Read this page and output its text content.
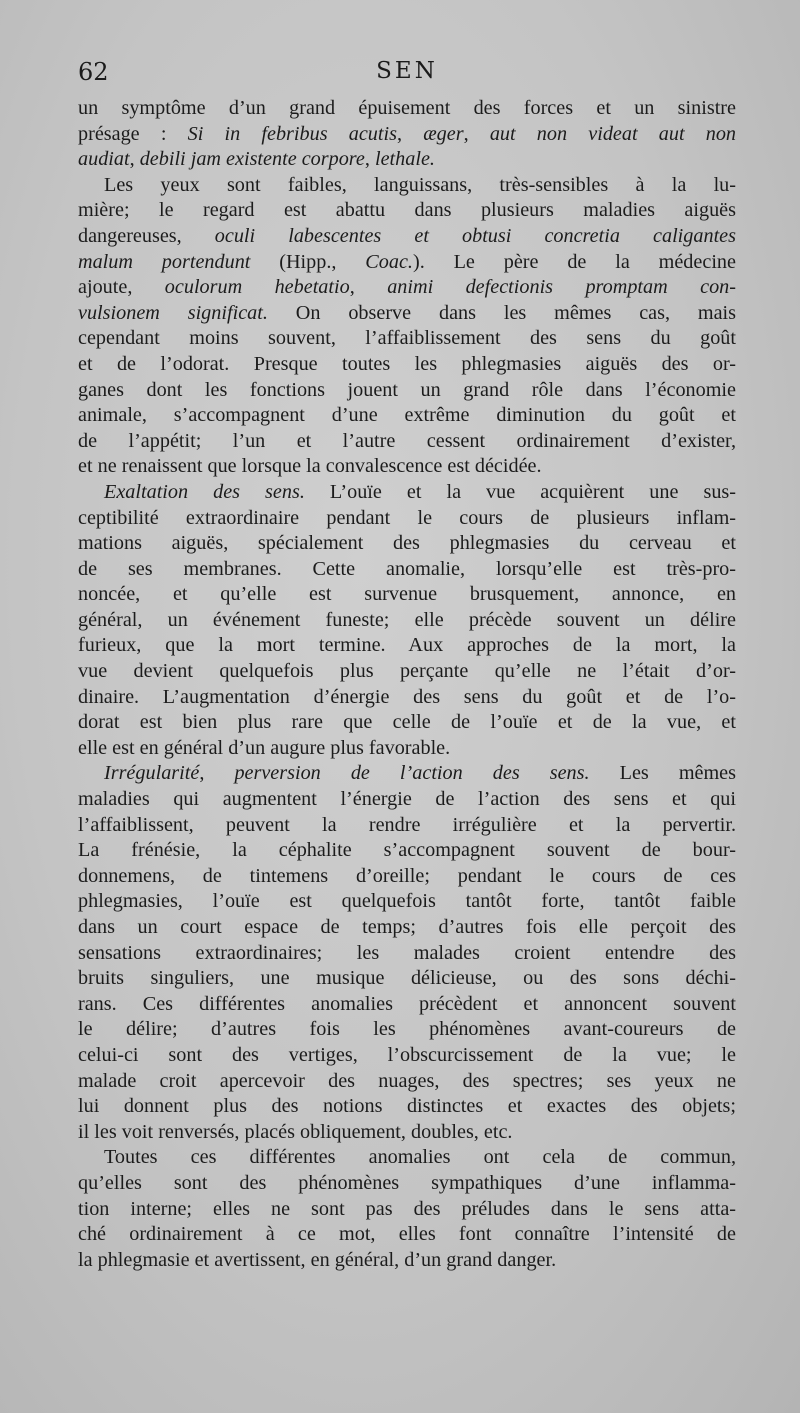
62	SEN
un symptôme d’un grand épuisement des forces et un sinistre
présage : Si in febribus acutis, æger, aut non videat aut non
audiat, debili jam existente corpore, lethale.
Les yeux sont faibles, languissans, très-sensibles à la lu-
mière; le regard est abattu dans plusieurs maladies aiguës
dangereuses, oculi labescentes et obtusi concretia caligantes
malum portendunt (Hipp., Coac.). Le père de la médecine
ajoute, oculorum hebetatio, animi defectionis promptam con-
vulsionem significat. On observe dans les mêmes cas, mais
cependant moins souvent, l’affaiblissement des sens du goût
et de l’odorat. Presque toutes les phlegmasies aiguës des or-
ganes dont les fonctions jouent un grand rôle dans l’économie
animale, s’accompagnent d’une extrême diminution du goût et
de l’appétit; l’un et l’autre cessent ordinairement d’exister,
et ne renaissent que lorsque la convalescence est décidée.
Exaltation des sens. L’ouïe et la vue acquièrent une sus-
ceptibilité extraordinaire pendant le cours de plusieurs inflam-
mations aiguës, spécialement des phlegmasies du cerveau et
de ses membranes. Cette anomalie, lorsqu’elle est très-pro-
noncée, et qu’elle est survenue brusquement, annonce, en
général, un événement funeste; elle précède souvent un délire
furieux, que la mort termine. Aux approches de la mort, la
vue devient quelquefois plus perçante qu’elle ne l’était d’or-
dinaire. L’augmentation d’énergie des sens du goût et de l’o-
dorat est bien plus rare que celle de l’ouïe et de la vue, et
elle est en général d’un augure plus favorable.
Irrégularité, perversion de l’action des sens. Les mêmes
maladies qui augmentent l’énergie de l’action des sens et qui
l’affaiblissent, peuvent la rendre irrégulière et la pervertir.
La frénésie, la céphalite s’accompagnent souvent de bour-
donnemens, de tintemens d’oreille; pendant le cours de ces
phlegmasies, l’ouïe est quelquefois tantôt forte, tantôt faible
dans un court espace de temps; d’autres fois elle perçoit des
sensations extraordinaires; les malades croient entendre des
bruits singuliers, une musique délicieuse, ou des sons déchi-
rans. Ces différentes anomalies précèdent et annoncent souvent
le délire; d’autres fois les phénomènes avant-coureurs de
celui-ci sont des vertiges, l’obscurcissement de la vue; le
malade croit apercevoir des nuages, des spectres; ses yeux ne
lui donnent plus des notions distinctes et exactes des objets;
il les voit renversés, placés obliquement, doubles, etc.
Toutes ces différentes anomalies ont cela de commun,
qu’elles sont des phénomènes sympathiques d’une inflamma-
tion interne; elles ne sont pas des préludes dans le sens atta-
ché ordinairement à ce mot, elles font connaître l’intensité de
la phlegmasie et avertissent, en général, d’un grand danger.
